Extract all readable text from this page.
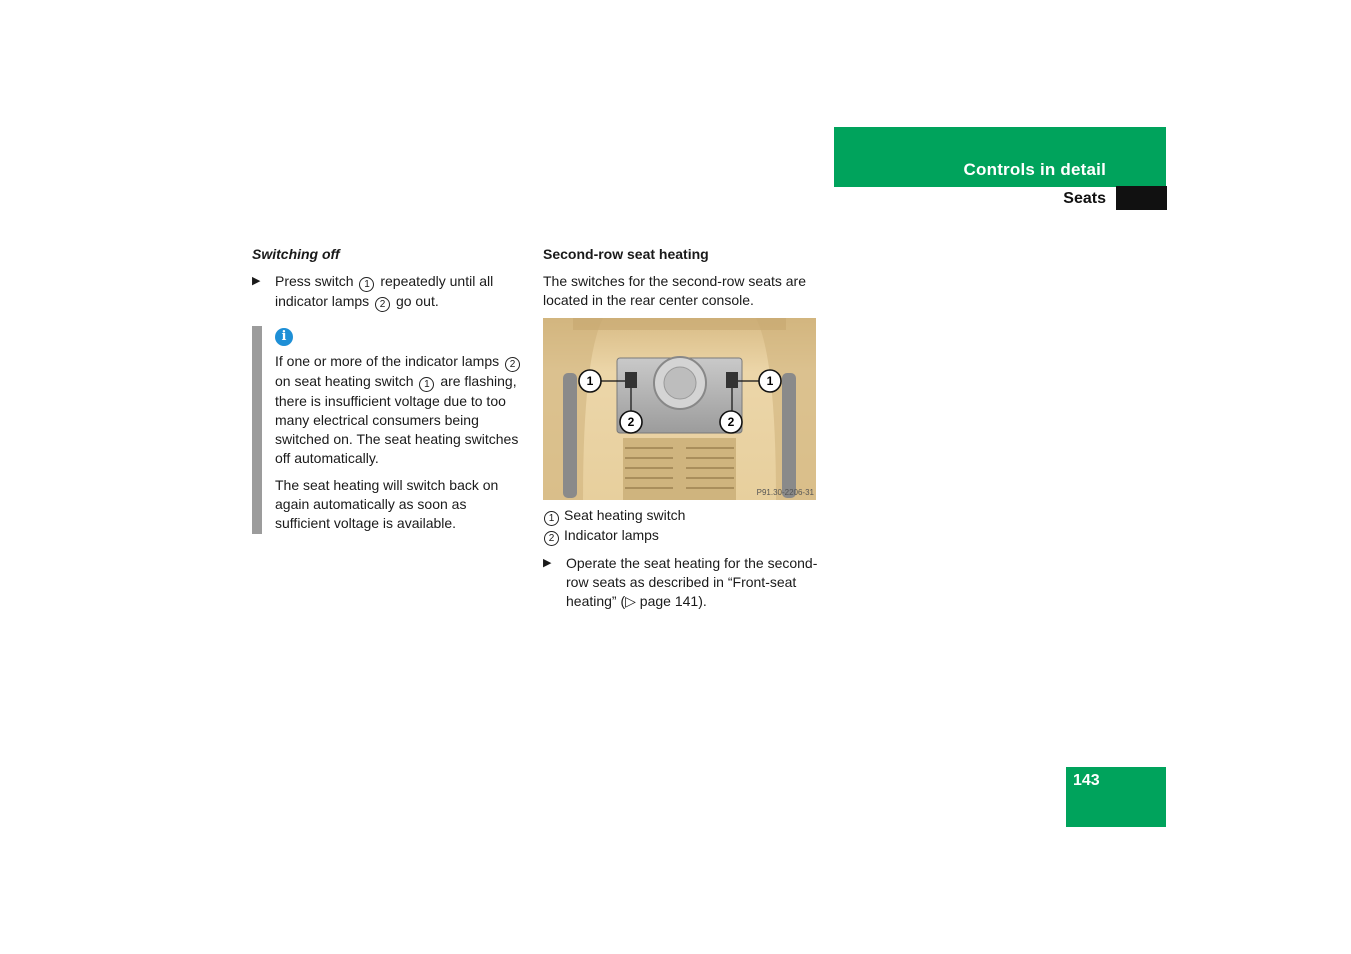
Controls in detail
Seats
Switching off
▶ Press switch 1 repeatedly until all indicator lamps 2 go out.
i

If one or more of the indicator lamps 2on seat heating switch 1 are flashing, there is insufficient voltage due to too many electrical consumers being switched on. The seat heating switches off automatically.

The seat heating will switch back on again automatically as soon as sufficient voltage is available.

Second-row seat heating
The switches for the second-row seats are located in the rear center console.
1	1
2	2
P91.30-2206-31
1 Seat heating switch
2 Indicator lamps
▶ Operate the seat heating for the second-row seats as described in “Front-seat heating” (▷ page 141).
143
